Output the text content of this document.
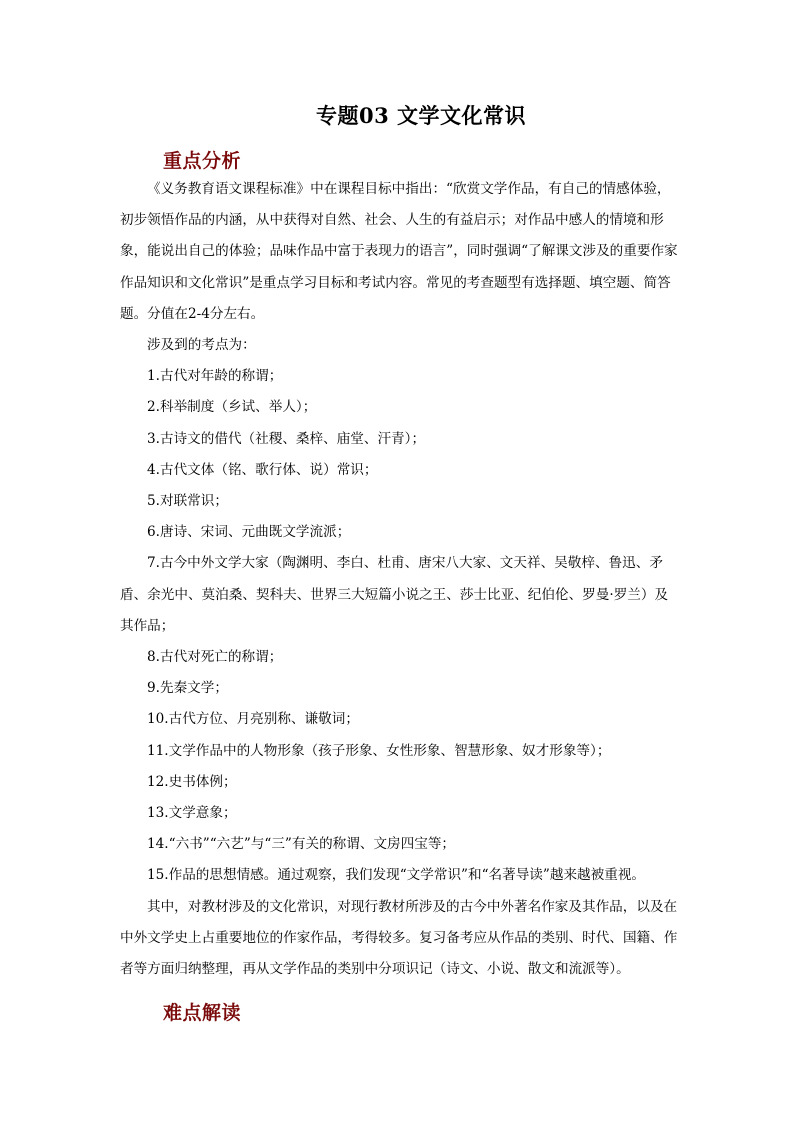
专题03 文学文化常识
重点分析

《义务教育语文课程标准》中在课程目标中指出：“欣赏文学作品，有自己的情感体验，初步领悟作品的内涵，从中获得对自然、社会、人生的有益启示；对作品中感人的情境和形象，能说出自己的体验；品味作品中富于表现力的语言”，同时强调“了解课文涉及的重要作家作品知识和文化常识”是重点学习目标和考试内容。常见的考查题型有选择题、填空题、简答题。分值在2-4分左右。

涉及到的考点为：

1.古代对年龄的称谓；

2.科举制度（乡试、举人）；

3.古诗文的借代（社稷、桑梓、庙堂、汗青）；

4.古代文体（铭、歌行体、说）常识；

5.对联常识；

6.唐诗、宋词、元曲既文学流派；

7.古今中外文学大家（陶渊明、李白、杜甫、唐宋八大家、文天祥、吴敬梓、鲁迅、矛盾、余光中、莫泊桑、契科夫、世界三大短篇小说之王、莎士比亚、纪伯伦、罗曼·罗兰）及其作品；

8.古代对死亡的称谓；

9.先秦文学；

10.古代方位、月亮别称、谦敬词；

11.文学作品中的人物形象（孩子形象、女性形象、智慧形象、奴才形象等）；

12.史书体例；

13.文学意象；

14.“六书”“六艺”与“三”有关的称谓、文房四宝等；

15.作品的思想情感。通过观察，我们发现“文学常识”和“名著导读”越来越被重视。

其中，对教材涉及的文化常识，对现行教材所涉及的古今中外著名作家及其作品，以及在中外文学史上占重要地位的作家作品，考得较多。复习备考应从作品的类别、时代、国籍、作者等方面归纳整理，再从文学作品的类别中分项识记（诗文、小说、散文和流派等）。

难点解读
